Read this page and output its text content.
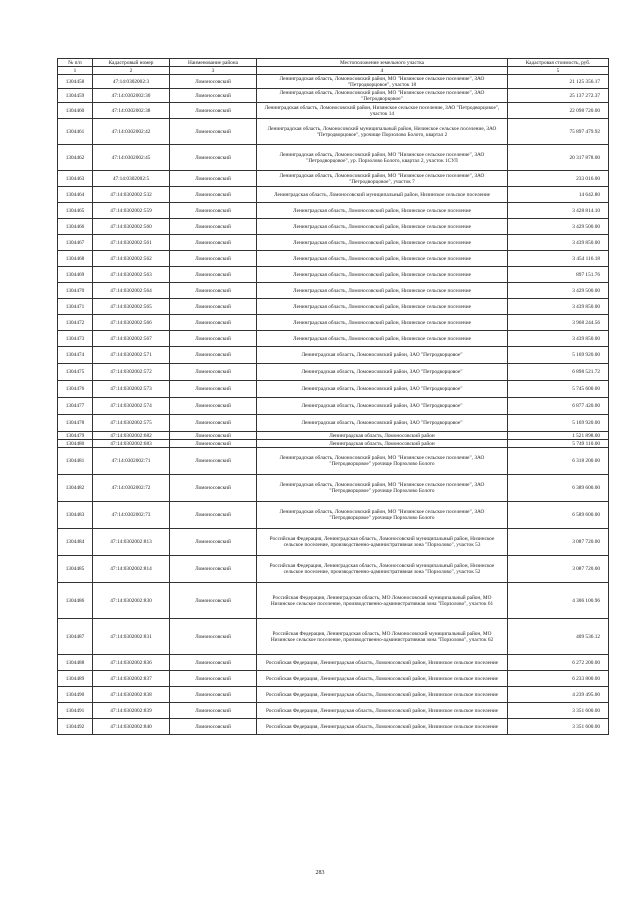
№ п/п	Кадастровый номер	Наименование района	Местоположение земельного участка	Кадастровая стоимость, руб.
1	2	3	4	5
1304458	47:14:0302002:3	Ломоносовский	Ленинградская область, Ломоносовский район, МО "Низинское сельское поселение", ЗАО "Петродворцовое", участок 18	21 125 356.17
1304459	47:14:0302002:30	Ломоносовский	Ленинградская область, Ломоносовский район, МО "Низинское сельское поселение", ЗАО "Петродворцовое"	25 137 272.37
1304460	47:14:0302002:38	Ломоносовский	Ленинградская область, Ломоносовский район, Низинское сельское поселение, ЗАО "Петродворцовое", участок 14	22 098 720.00
1304461	47:14:0302002:42	Ломоносовский	Ленинградская область, Ломоносовский муниципальный район, Низинское сельское поселение, ЗАО "Петродворцовое", урочище Порзолово Болото, квартал 2	75 897 479.92
1304462	47:14:0302002:45	Ломоносовский	Ленинградская область, Ломоносовский район, МО "Низинское сельское поселение", ЗАО "Петродворцовое", ур. Порзолово Болото, квартал 2, участок 1СУЛ	20 317 878.00
1304463	47:14:0302002:5	Ломоносовский	Ленинградская область, Ломоносовский район, МО "Низинское сельское поселение", ЗАО "Петродворцовое", участок 7	233 016.00
1304464	47:14:0302002:532	Ломоносовский	Ленинградская область, Ломоносовский муниципальный район, Низинское сельское поселение	14 642.80
1304465	47:14:0302002:559	Ломоносовский	Ленинградская область, Ломоносовский район, Низинское сельское поселение	3 428 814.10
1304466	47:14:0302002:560	Ломоносовский	Ленинградская область, Ломоносовский район, Низинское сельское поселение	3 429 500.00
1304467	47:14:0302002:561	Ломоносовский	Ленинградская область, Ломоносовский район, Низинское сельское поселение	3 439 850.00
1304468	47:14:0302002:562	Ломоносовский	Ленинградская область, Ломоносовский район, Низинское сельское поселение	3 454 116.18
1304469	47:14:0302002:563	Ломоносовский	Ленинградская область, Ломоносовский район, Низинское сельское поселение	897 151.76
1304470	47:14:0302002:564	Ломоносовский	Ленинградская область, Ломоносовский район, Низинское сельское поселение	3 429 500.00
1304471	47:14:0302002:565	Ломоносовский	Ленинградская область, Ломоносовский район, Низинское сельское поселение	3 439 850.00
1304472	47:14:0302002:566	Ломоносовский	Ленинградская область, Ломоносовский район, Низинское сельское поселение	3 968 244.56
1304473	47:14:0302002:567	Ломоносовский	Ленинградская область, Ломоносовский район, Низинское сельское поселение	3 439 850.00
1304474	47:14:0302002:571	Ломоносовский	Ленинградская область, Ломоносовский район, ЗАО "Петродворцовое"	5 169 920.00
1304475	47:14:0302002:572	Ломоносовский	Ленинградская область, Ломоносовский район, ЗАО "Петродворцовое"	6 898 521.72
1304476	47:14:0302002:573	Ломоносовский	Ленинградская область, Ломоносовский район, ЗАО "Петродворцовое"	5 745 600.00
1304477	47:14:0302002:574	Ломоносовский	Ленинградская область, Ломоносовский район, ЗАО "Петродворцовое"	6 877 420.00
1304478	47:14:0302002:575	Ломоносовский	Ленинградская область, Ломоносовский район, ЗАО "Петродворцовое"	5 169 920.00
1304479	47:14:0302002:682	Ломоносовский	Ленинградская область, Ломоносовский район	1 521 898.00
1304480	47:14:0302002:683	Ломоносовский	Ленинградская область, Ломоносовский район	5 749 110.00
1304481	47:14:0302002:71	Ломоносовский	Ленинградская область, Ломоносовский район, МО "Низинское сельское поселение", ЗАО "Петродворцовое" урочище Порзолово Болото	6 318 200.00
1304482	47:14:0302002:72	Ломоносовский	Ленинградская область, Ломоносовский район, МО "Низинское сельское поселение", ЗАО "Петродворцовое" урочище Порзолово Болото	6 389 600.00
1304483	47:14:0302002:73	Ломоносовский	Ленинградская область, Ломоносовский район, МО "Низинское сельское поселение", ЗАО "Петродворцовое" урочище Порзолово Болото	6 589 600.00
1304484	47:14:0302002:813	Ломоносовский	Российская Федерация, Ленинградская область, Ломоносовский муниципальный район, Низинское сельское поселение, производственно-административная зона "Порзолово", участок 53	3 087 720.00
1304485	47:14:0302002:814	Ломоносовский	Российская Федерация, Ленинградская область, Ломоносовский муниципальный район, Низинское сельское поселение, производственно-административная зона "Порзолово", участок 52	3 087 720.00
1304486	47:14:0302002:830	Ломоносовский	Российская Федерация, Ленинградская область, МО Ломоносовский муниципальный район, МО Низинское сельское поселение, производственно-административная зона "Порзолово", участок 61	4 306 100.96
1304487	47:14:0302002:831	Ломоносовский	Российская Федерация, Ленинградская область, МО Ломоносовский муниципальный район, МО Низинское сельское поселение, производственно-административная зона "Порзолово", участок 62	409 536.12
1304488	47:14:0302002:836	Ломоносовский	Российская Федерация, Ленинградская область, Ломоносовский район, Низинское сельское поселение	6 272 200.00
1304489	47:14:0302002:837	Ломоносовский	Российская Федерация, Ленинградская область, Ломоносовский район, Низинское сельское поселение	6 233 800.00
1304490	47:14:0302002:838	Ломоносовский	Российская Федерация, Ленинградская область, Ломоносовский район, Низинское сельское поселение	4 239 495.00
1304491	47:14:0302002:839	Ломоносовский	Российская Федерация, Ленинградская область, Ломоносовский район, Низинское сельское поселение	3 351 600.00
1304492	47:14:0302002:840	Ломоносовский	Российская Федерация, Ленинградская область, Ломоносовский район, Низинское сельское поселение	3 351 600.00
283
